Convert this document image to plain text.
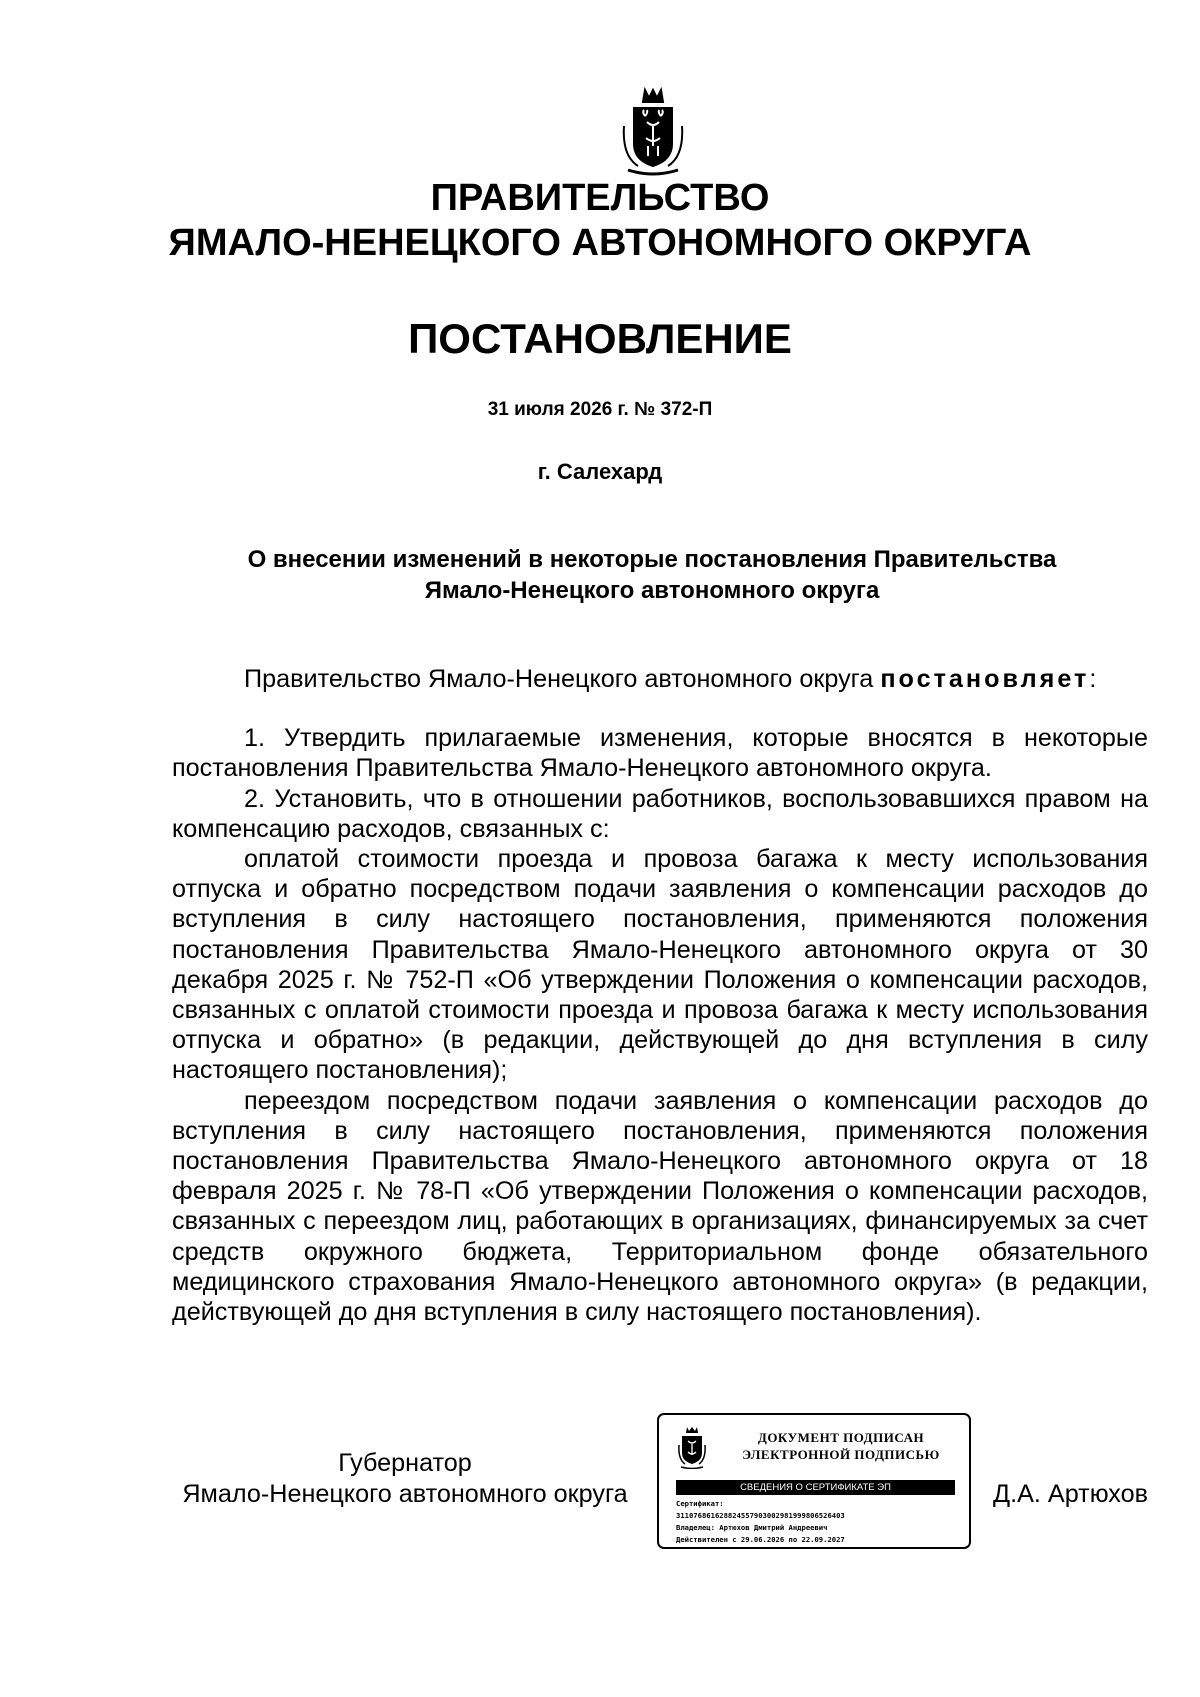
ПРАВИТЕЛЬСТВО
ЯМАЛО-НЕНЕЦКОГО АВТОНОМНОГО ОКРУГА
ПОСТАНОВЛЕНИЕ
31 июля 2026 г. № 372-П
г. Салехард
О внесении изменений в некоторые постановления Правительства
Ямало-Ненецкого автономного округа

Правительство Ямало-Ненецкого автономного округа постановляет:

1. Утвердить прилагаемые изменения, которые вносятся в некоторые постановления Правительства Ямало-Ненецкого автономного округа.

2. Установить, что в отношении работников, воспользовавшихся правом на компенсацию расходов, связанных с:

оплатой стоимости проезда и провоза багажа к месту использования отпуска и обратно посредством подачи заявления о компенсации расходов до вступления в силу настоящего постановления, применяются положения постановления Правительства Ямало-Ненецкого автономного округа от 30 декабря 2025 г. № 752-П «Об утверждении Положения о компенсации расходов, связанных с оплатой стоимости проезда и провоза багажа к месту использования отпуска и обратно» (в редакции, действующей до дня вступления в силу настоящего постановления);

переездом посредством подачи заявления о компенсации расходов до вступления в силу настоящего постановления, применяются положения постановления Правительства Ямало-Ненецкого автономного округа от 18 февраля 2025 г. № 78-П «Об утверждении Положения о компенсации расходов, связанных с переездом лиц, работающих в организациях, финансируемых за счет средств окружного бюджета, Территориальном фонде обязательного медицинского страхования Ямало-Ненецкого автономного округа» (в редакции, действующей до дня вступления в силу настоящего постановления).

Губернатор
Ямало-Ненецкого автономного округа
ДОКУМЕНТ ПОДПИСАН
ЭЛЕКТРОННОЙ ПОДПИСЬЮ
СВЕДЕНИЯ О СЕРТИФИКАТЕ ЭП
Сертификат:
311076861628824557903002981999806526403
Владелец: Артюхов Дмитрий Андреевич
Действителен с 29.06.2026 по 22.09.2027
Д.А. Артюхов
